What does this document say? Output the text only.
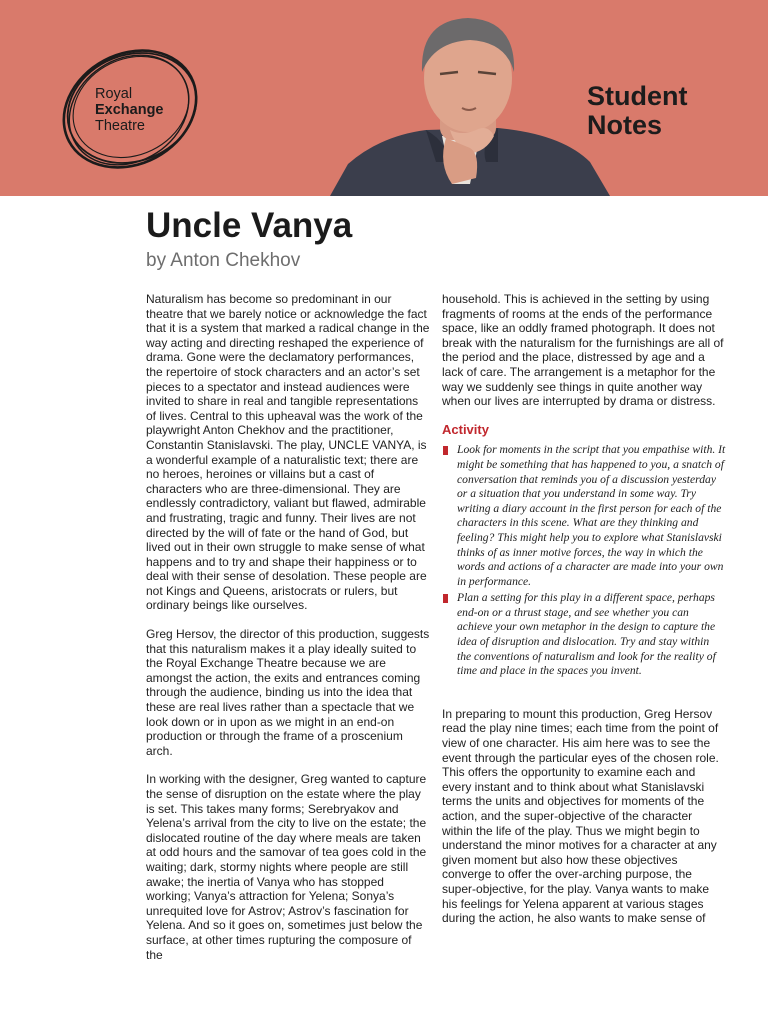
Royal
Exchange
Theatre
Student
Notes
Uncle Vanya
by Anton Chekhov

Naturalism has become so predominant in our theatre that we barely notice or acknowledge the fact that it is a system that marked a radical change in the way acting and directing reshaped the experience of drama. Gone were the declamatory performances, the repertoire of stock characters and an actor’s set pieces to a spectator and instead audiences were invited to share in real and tangible representations of lives. Central to this upheaval was the work of the playwright Anton Chekhov and the practitioner, Constantin Stanislavski. The play, UNCLE VANYA, is a wonderful example of a naturalistic text; there are no heroes, heroines or villains but a cast of characters who are three-dimensional. They are endlessly contradictory, valiant but flawed, admirable and frustrating, tragic and funny. Their lives are not directed by the will of fate or the hand of God, but lived out in their own struggle to make sense of what happens and to try and shape their happiness or to deal with their sense of desolation. These people are not Kings and Queens, aristocrats or rulers, but ordinary beings like ourselves.

Greg Hersov, the director of this production, suggests that this naturalism makes it a play ideally suited to the Royal Exchange Theatre because we are amongst the action, the exits and entrances coming through the audience, binding us into the idea that these are real lives rather than a spectacle that we look down or in upon as we might in an end-on production or through the frame of a proscenium arch.

In working with the designer, Greg wanted to capture the sense of disruption on the estate where the play is set. This takes many forms; Serebryakov and Yelena’s arrival from the city to live on the estate; the dislocated routine of the day where meals are taken at odd hours and the samovar of tea goes cold in the waiting; dark, stormy nights where people are still awake; the inertia of Vanya who has stopped working; Vanya’s attraction for Yelena; Sonya’s unrequited love for Astrov; Astrov’s fascination for Yelena. And so it goes on, sometimes just below the surface, at other times rupturing the composure of the

household. This is achieved in the setting by using fragments of rooms at the ends of the performance space, like an oddly framed photograph. It does not break with the naturalism for the furnishings are all of the period and the place, distressed by age and a lack of care. The arrangement is a metaphor for the way we suddenly see things in quite another way when our lives are interrupted by drama or distress.

Activity
Look for moments in the script that you empathise with. It might be something that has happened to you, a snatch of conversation that reminds you of a discussion yesterday or a situation that you understand in some way. Try writing a diary account in the first person for each of the characters in this scene. What are they thinking and feeling? This might help you to explore what Stanislavski thinks of as inner motive forces, the way in which the words and actions of a character are made into your own in performance.
Plan a setting for this play in a different space, perhaps end-on or a thrust stage, and see whether you can achieve your own metaphor in the design to capture the idea of disruption and dislocation. Try and stay within the conventions of naturalism and look for the reality of time and place in the spaces you invent.

In preparing to mount this production, Greg Hersov read the play nine times; each time from the point of view of one character. His aim here was to see the event through the particular eyes of the chosen role. This offers the opportunity to examine each and every instant and to think about what Stanislavski terms the units and objectives for moments of the action, and the super-objective of the character within the life of the play. Thus we might begin to understand the minor motives for a character at any given moment but also how these objectives converge to offer the over-arching purpose, the super-objective, for the play. Vanya wants to make his feelings for Yelena apparent at various stages during the action, he also wants to make sense of
